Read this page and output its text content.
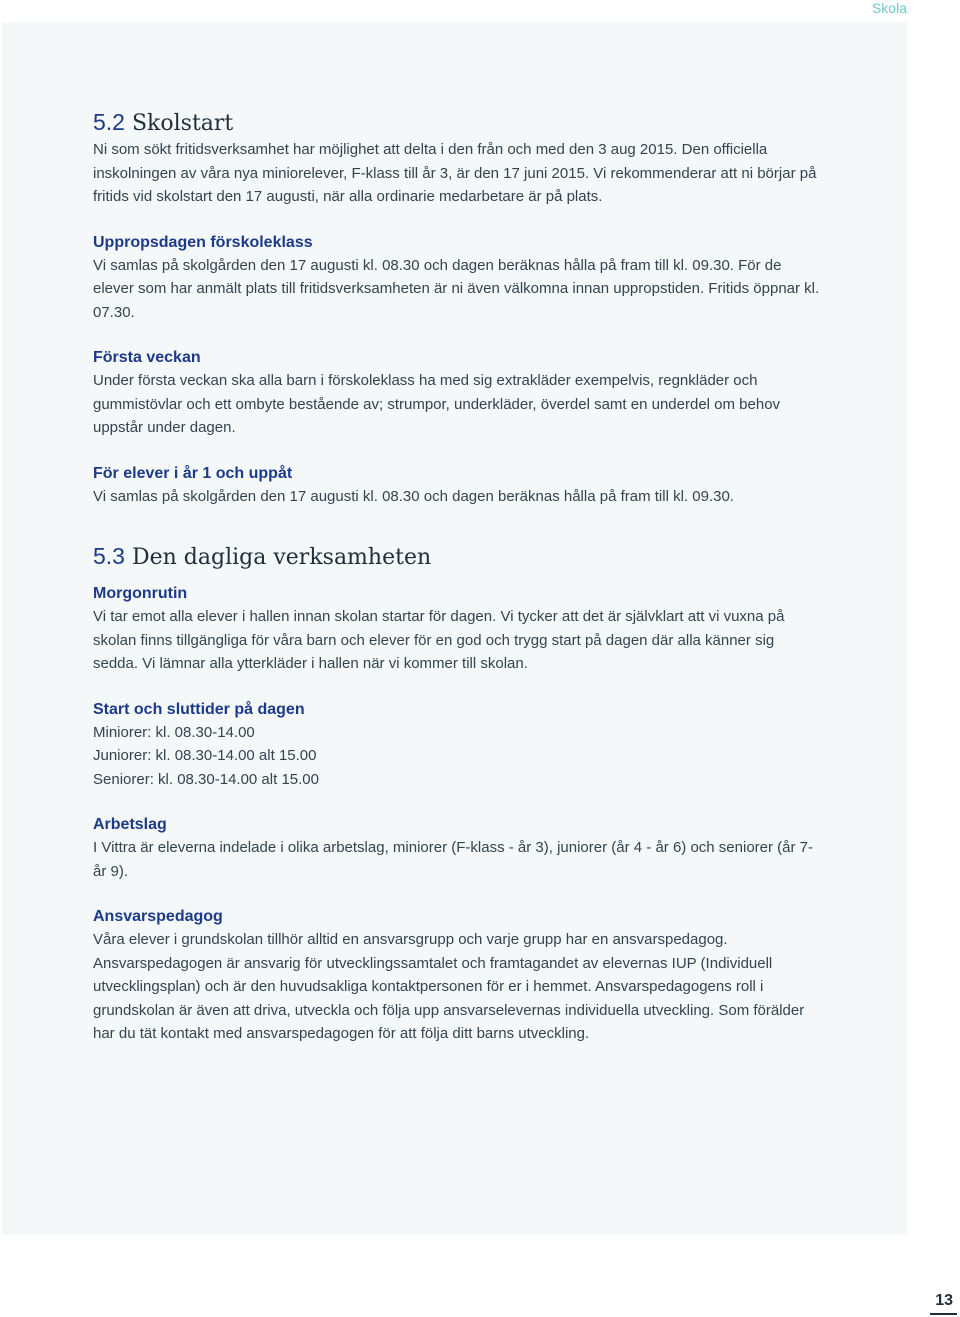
Skola
5.2 Skolstart

Ni som sökt fritidsverksamhet har möjlighet att delta i den från och med den 3 aug 2015. Den officiella inskolningen av våra nya miniorelever, F-klass till år 3, är den 17 juni 2015. Vi rekommenderar att ni börjar på fritids vid skolstart den 17 augusti, när alla ordinarie medarbetare är på plats.

Uppropsdagen förskoleklass

Vi samlas på skolgården den 17 augusti kl. 08.30 och dagen beräknas hålla på fram till kl. 09.30. För de elever som har anmält plats till fritidsverksamheten är ni även välkomna innan uppropstiden. Fritids öppnar kl. 07.30.

Första veckan

Under första veckan ska alla barn i förskoleklass ha med sig extrakläder exempelvis, regnkläder och gummistövlar och ett ombyte bestående av; strumpor, underkläder, överdel samt en underdel om behov uppstår under dagen.

För elever i år 1 och uppåt

Vi samlas på skolgården den 17 augusti kl. 08.30 och dagen beräknas hålla på fram till kl. 09.30.

5.3 Den dagliga verksamheten
Morgonrutin

Vi tar emot alla elever i hallen innan skolan startar för dagen. Vi tycker att det är självklart att vi vuxna på skolan finns tillgängliga för våra barn och elever för en god och trygg start på dagen där alla känner sig sedda. Vi lämnar alla ytterkläder i hallen när vi kommer till skolan.

Start och sluttider på dagen

Miniorer: kl. 08.30-14.00

Juniorer: kl. 08.30-14.00 alt 15.00

Seniorer: kl. 08.30-14.00 alt 15.00

Arbetslag

I Vittra är eleverna indelade i olika arbetslag, miniorer (F-klass - år 3), juniorer (år 4 - år 6) och seniorer (år 7- år 9).

Ansvarspedagog

Våra elever i grundskolan tillhör alltid en ansvarsgrupp och varje grupp har en ansvarspedagog. Ansvarspedagogen är ansvarig för utvecklingssamtalet och framtagandet av elevernas IUP (Individuell utvecklingsplan) och är den huvudsakliga kontaktpersonen för er i hemmet. Ansvarspedagogens roll i grundskolan är även att driva, utveckla och följa upp ansvarselevernas individuella utveckling. Som förälder har du tät kontakt med ansvarspedagogen för att följa ditt barns utveckling.

13
